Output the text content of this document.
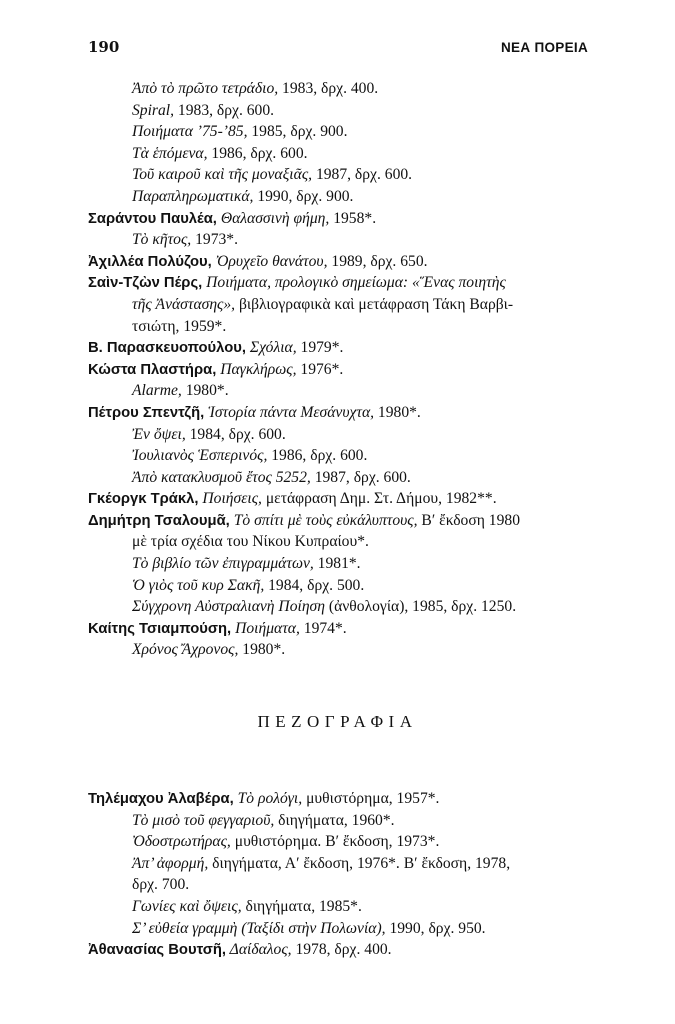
190	ΝΕΑ ΠΟΡΕΙΑ
Ἀπὸ τὸ πρῶτο τετράδιο, 1983, δρχ. 400.
Spiral, 1983, δρχ. 600.
Ποιήματα ’75-’85, 1985, δρχ. 900.
Τὰ ἑπόμενα, 1986, δρχ. 600.
Τοῦ καιροῦ καὶ τῆς μοναξιᾶς, 1987, δρχ. 600.
Παραπληρωματικά, 1990, δρχ. 900.
Σαράντου Παυλέα, Θαλασσινὴ φήμη, 1958*.
Τὸ κῆτος, 1973*.
Ἀχιλλέα Πολύζου, Ὀρυχεῖο θανάτου, 1989, δρχ. 650.
Σαὶν-Τζὼν Πέρς, Ποιήματα, προλογικὸ σημείωμα: «Ἕνας ποιητὴς
τῆς Ἀνάστασης», βιβλιογραφικὰ καὶ μετάφραση Τάκη Βαρβι-
τσιώτη, 1959*.
Β. Παρασκευοπούλου, Σχόλια, 1979*.
Κώστα Πλαστήρα, Παγκλήρως, 1976*.
Alarme, 1980*.
Πέτρου Σπεντζῆ, Ἱστορία πάντα Μεσάνυχτα, 1980*.
Ἐν ὄψει, 1984, δρχ. 600.
Ἰουλιανὸς Ἑσπερινός, 1986, δρχ. 600.
Ἀπὸ κατακλυσμοῦ ἔτος 5252, 1987, δρχ. 600.
Γκέοργκ Τράκλ, Ποιήσεις, μετάφραση Δημ. Στ. Δήμου, 1982**.
Δημήτρη Τσαλουμᾶ, Τὸ σπίτι μὲ τοὺς εὐκάλυπτους, Β′ ἔκδοση 1980
μὲ τρία σχέδια του Νίκου Κυπραίου*.
Τὸ βιβλίο τῶν ἐπιγραμμάτων, 1981*.
Ὁ γιὸς τοῦ κυρ Σακῆ, 1984, δρχ. 500.
Σύγχρονη Αὐστραλιανὴ Ποίηση (ἀνθολογία), 1985, δρχ. 1250.
Καίτης Τσιαμπούση, Ποιήματα, 1974*.
Χρόνος Ἄχρονος, 1980*.
ΠΕΖΟΓΡΑΦΙΑ
Τηλέμαχου Ἀλαβέρα, Τὸ ρολόγι, μυθιστόρημα, 1957*.
Τὸ μισὸ τοῦ φεγγαριοῦ, διηγήματα, 1960*.
Ὀδοστρωτήρας, μυθιστόρημα. Β′ ἔκδοση, 1973*.
Ἀπ’ ἀφορμή, διηγήματα, Α′ ἔκδοση, 1976*. Β′ ἔκδοση, 1978,
δρχ. 700.
Γωνίες καὶ ὄψεις, διηγήματα, 1985*.
Σ’ εὐθεία γραμμὴ (Ταξίδι στὴν Πολωνία), 1990, δρχ. 950.
Ἀθανασίας Βουτσῆ, Δαίδαλος, 1978, δρχ. 400.
